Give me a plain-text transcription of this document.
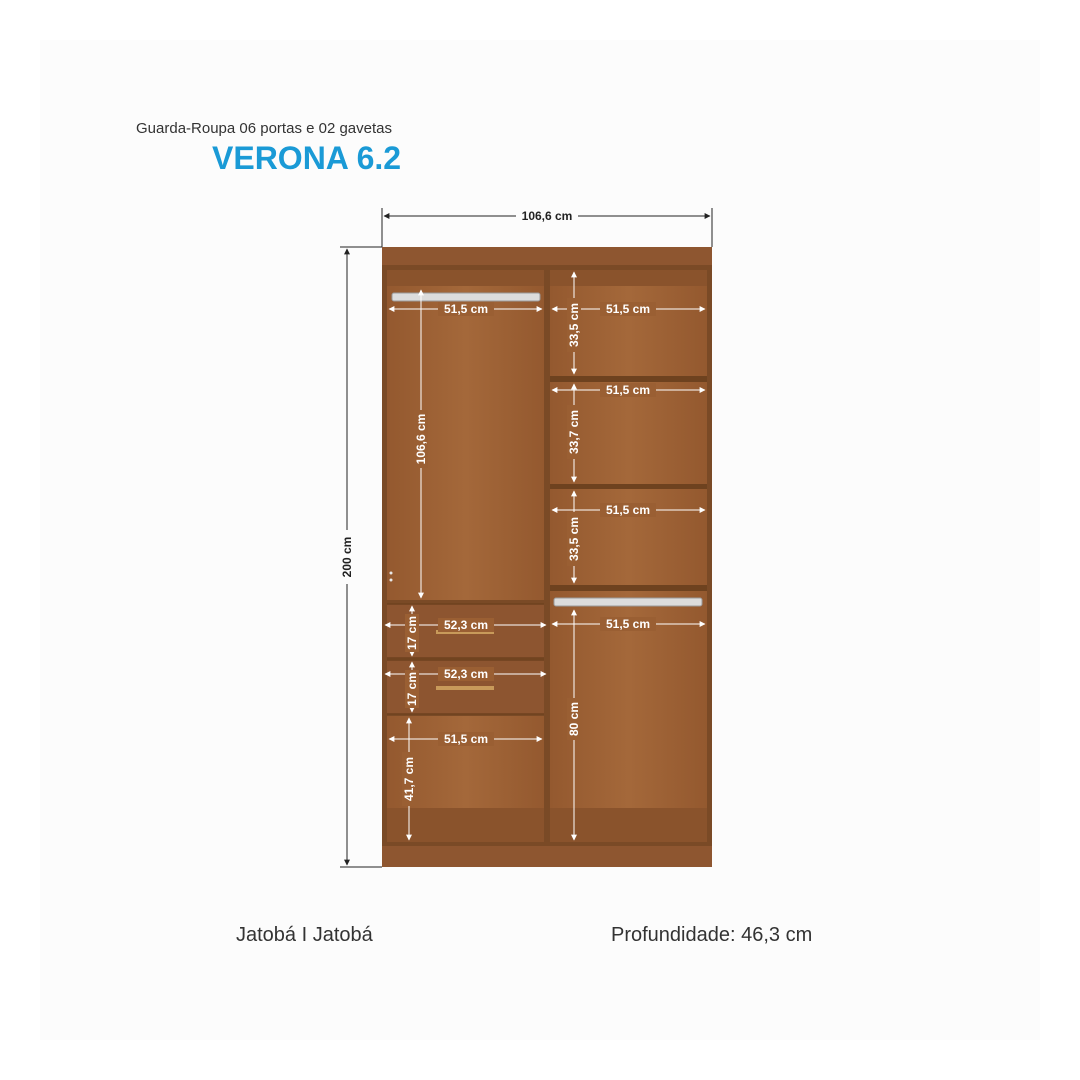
Guarda-Roupa 06 portas e 02 gavetas
VERONA 6.2
106,6 cm
200 cm
51,5 cm
106,6 cm
52,3 cm
52,3 cm
17 cm
17 cm
51,5 cm
41,7 cm
51,5 cm
33,5 cm
51,5 cm
33,7 cm
51,5 cm
33,5 cm
51,5 cm
80 cm
Jatobá I Jatobá	Profundidade: 46,3 cm
